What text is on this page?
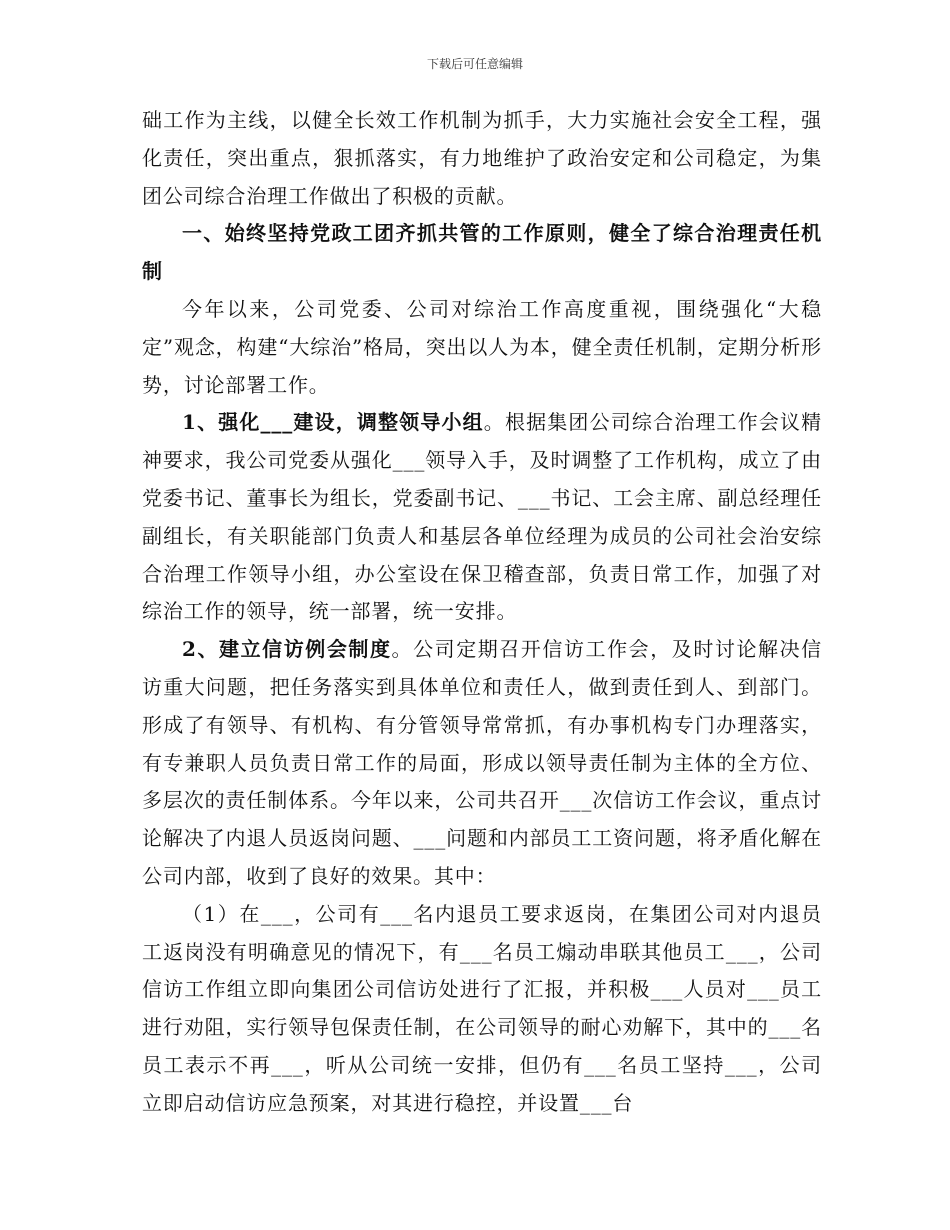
下载后可任意编辑

础工作为主线，以健全长效工作机制为抓手，大力实施社会安全工程，强化责任，突出重点，狠抓落实，有力地维护了政治安定和公司稳定，为集团公司综合治理工作做出了积极的贡献。

一、始终坚持党政工团齐抓共管的工作原则，健全了综合治理责任机制

今年以来，公司党委、公司对综治工作高度重视，围绕强化“大稳定”观念，构建“大综治”格局，突出以人为本，健全责任机制，定期分析形势，讨论部署工作。

1、强化___建设，调整领导小组。根据集团公司综合治理工作会议精神要求，我公司党委从强化___领导入手，及时调整了工作机构，成立了由党委书记、董事长为组长，党委副书记、___书记、工会主席、副总经理任副组长，有关职能部门负责人和基层各单位经理为成员的公司社会治安综合治理工作领导小组，办公室设在保卫稽查部，负责日常工作，加强了对综治工作的领导，统一部署，统一安排。

2、建立信访例会制度。公司定期召开信访工作会，及时讨论解决信访重大问题，把任务落实到具体单位和责任人，做到责任到人、到部门。形成了有领导、有机构、有分管领导常常抓，有办事机构专门办理落实，有专兼职人员负责日常工作的局面，形成以领导责任制为主体的全方位、多层次的责任制体系。今年以来，公司共召开___次信访工作会议，重点讨论解决了内退人员返岗问题、___问题和内部员工工资问题，将矛盾化解在公司内部，收到了良好的效果。其中：

（1）在___，公司有___名内退员工要求返岗，在集团公司对内退员工返岗没有明确意见的情况下，有___名员工煽动串联其他员工___，公司信访工作组立即向集团公司信访处进行了汇报，并积极___人员对___员工进行劝阻，实行领导包保责任制，在公司领导的耐心劝解下，其中的___名员工表示不再___，听从公司统一安排，但仍有___名员工坚持___，公司立即启动信访应急预案，对其进行稳控，并设置___台
